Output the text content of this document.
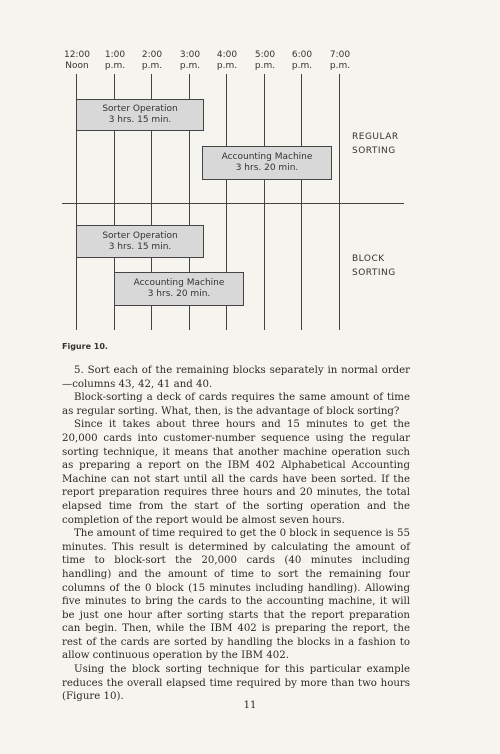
12:00
Noon
1:00
p.m.
2:00
p.m.
3:00
p.m.
4:00
p.m.
5:00
p.m.
6:00
p.m.
7:00
p.m.
Sorter Operation
3 hrs. 15 min.
Accounting Machine
3 hrs. 20 min.
REGULAR
SORTING
Sorter Operation
3 hrs. 15 min.
Accounting Machine
3 hrs. 20 min.
BLOCK
SORTING
Figure 10.

5. Sort each of the remaining blocks separately in normal order—columns 43, 42, 41 and 40.

Block-sorting a deck of cards requires the same amount of time as regular sorting. What, then, is the advantage of block sorting?

Since it takes about three hours and 15 minutes to get the 20,000 cards into customer-number sequence using the regular sorting technique, it means that another machine operation such as preparing a report on the IBM 402 Alphabetical Accounting Machine can not start until all the cards have been sorted. If the report preparation requires three hours and 20 minutes, the total elapsed time from the start of the sorting operation and the completion of the report would be almost seven hours.

The amount of time required to get the 0 block in sequence is 55 minutes. This result is determined by calculating the amount of time to block-sort the 20,000 cards (40 minutes including handling) and the amount of time to sort the remaining four columns of the 0 block (15 minutes including handling). Allowing five minutes to bring the cards to the accounting machine, it will be just one hour after sorting starts that the report preparation can begin. Then, while the IBM 402 is preparing the report, the rest of the cards are sorted by handling the blocks in a fashion to allow continuous operation by the IBM 402.

Using the block sorting technique for this particular example reduces the overall elapsed time required by more than two hours (Figure 10).

11
